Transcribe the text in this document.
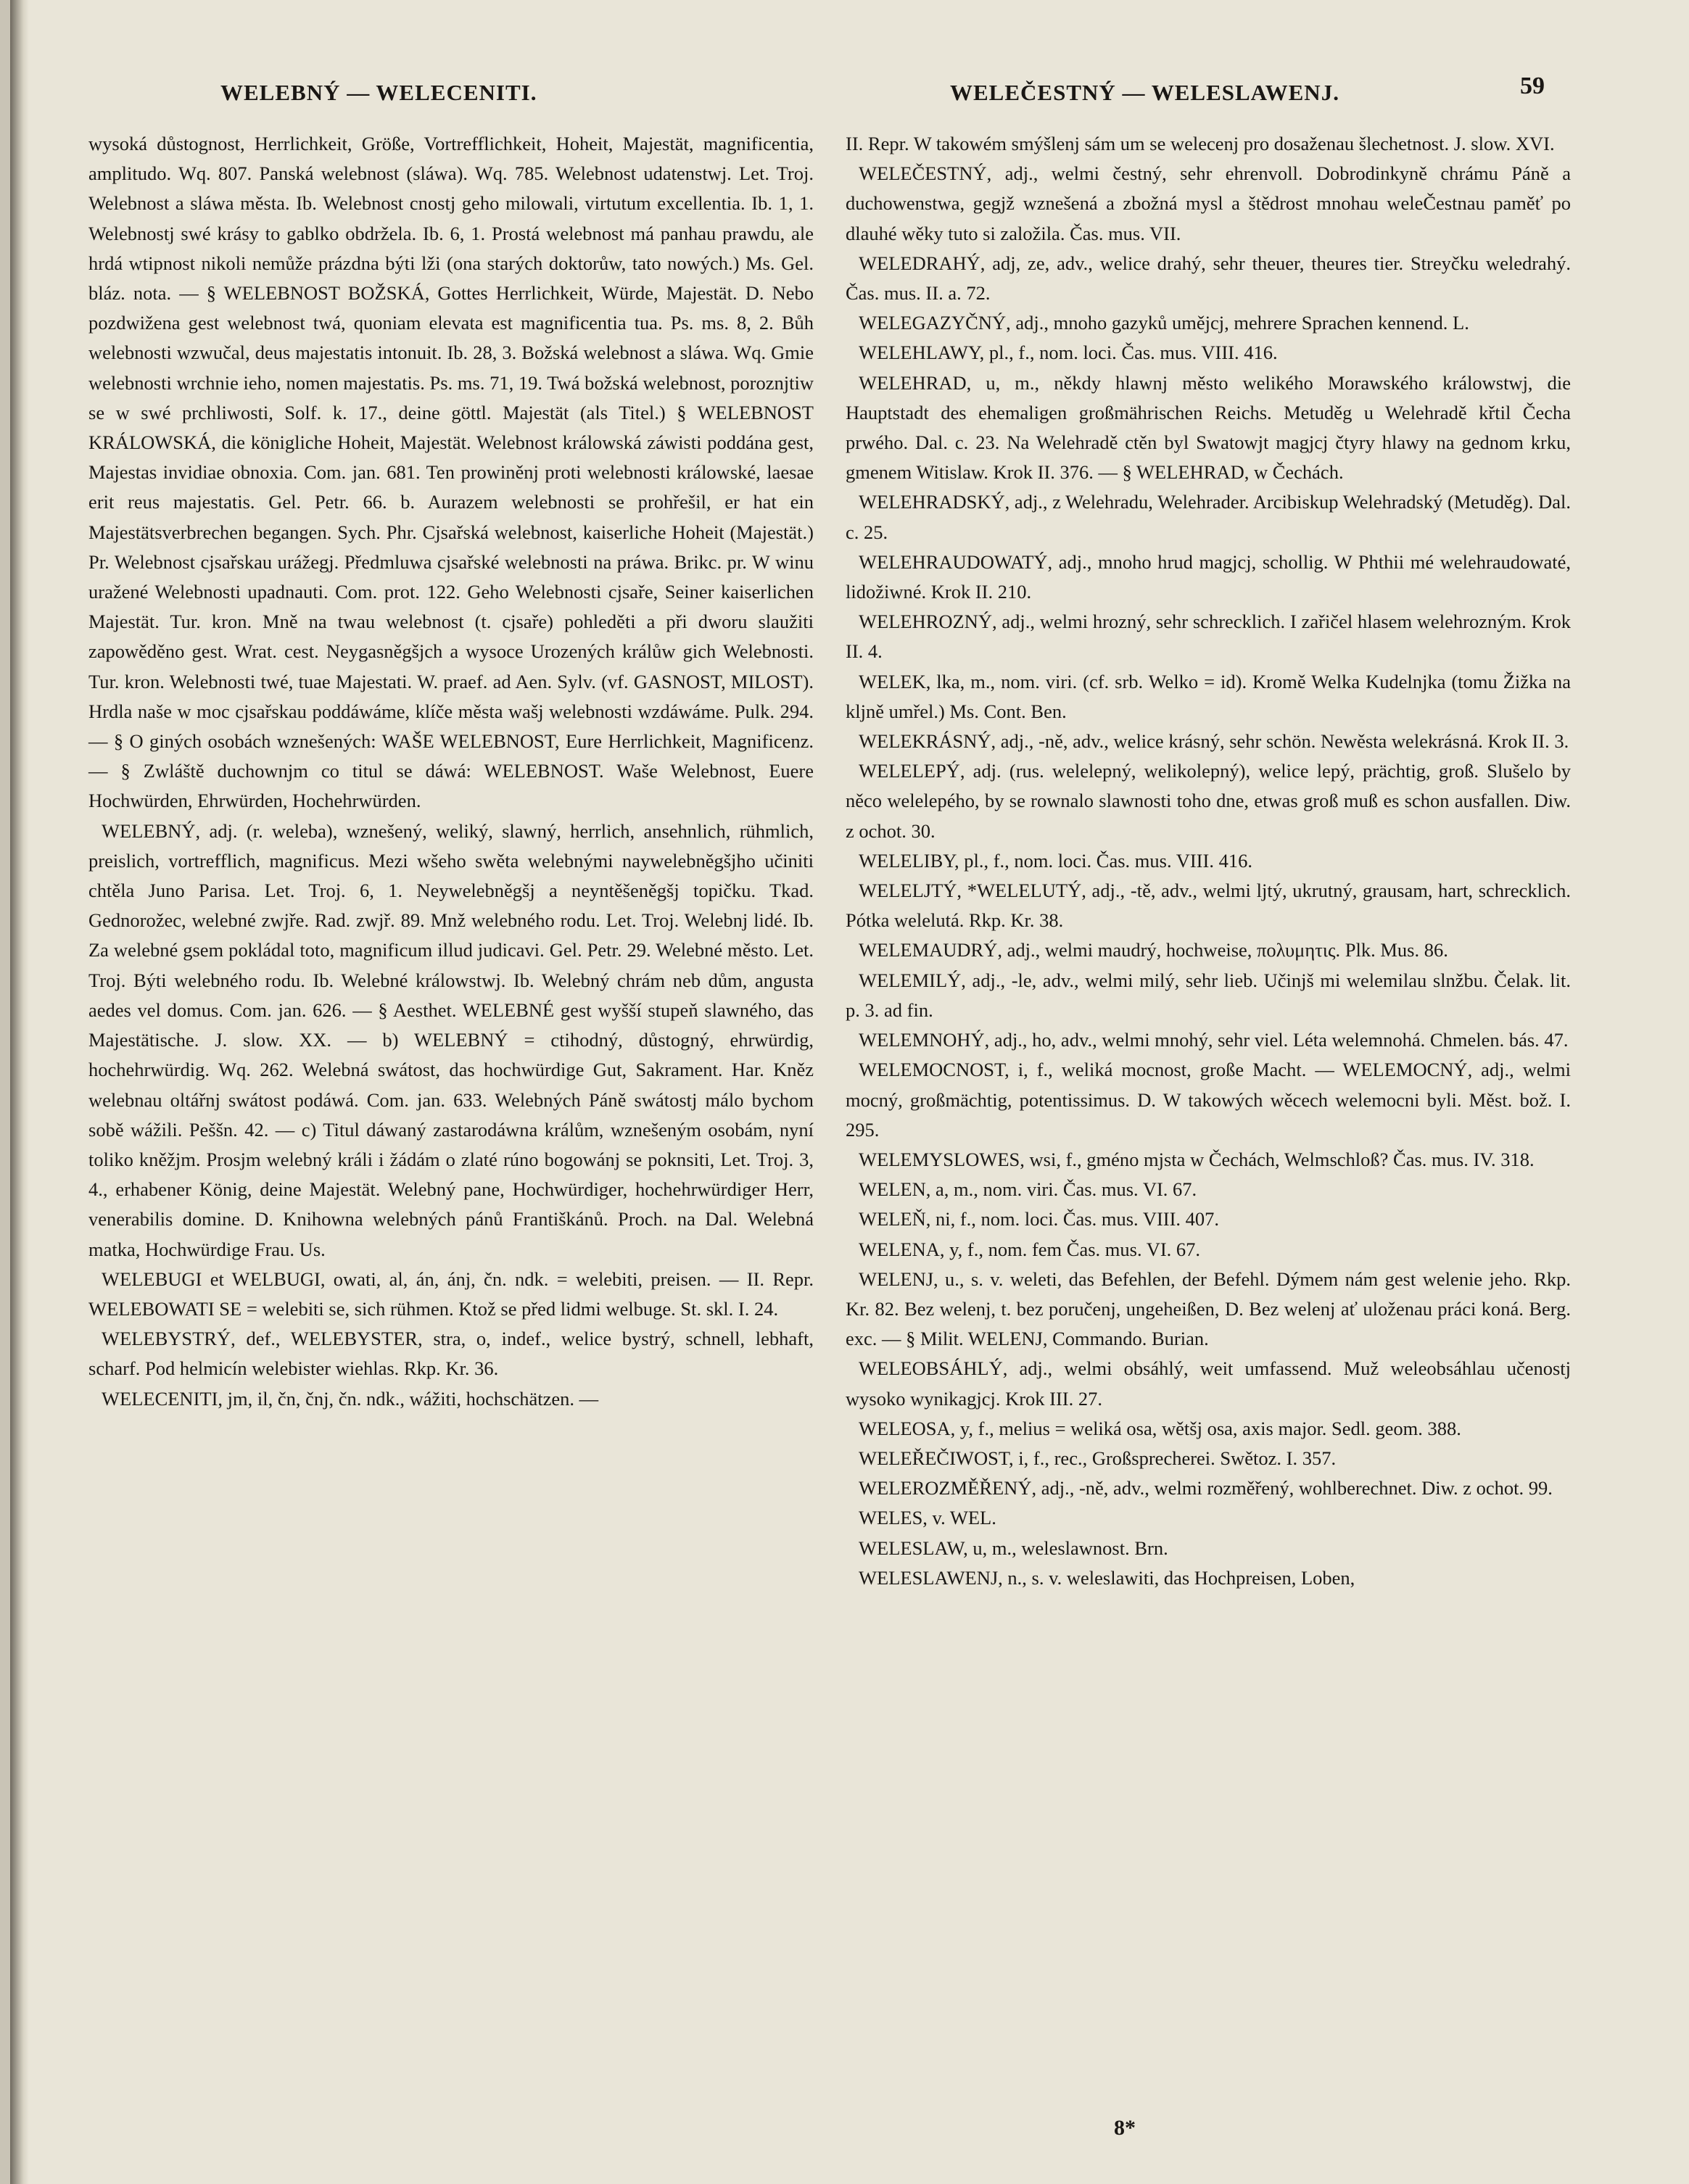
WELEBNÝ — WELECENITI.	WELEČESTNÝ — WELESLAWENJ.	59

wysoká důstognost, Herrlichkeit, Größe, Vortrefflichkeit, Hoheit, Majestät, magnificentia, amplitudo. Wq. 807. Panská welebnost (sláwa). Wq. 785. Welebnost udatenstwj. Let. Troj. Welebnost a sláwa města. Ib. Welebnost cnostj geho milowali, virtutum excellentia. Ib. 1, 1. Welebnostj swé krásy to gablko obdržela. Ib. 6, 1. Prostá welebnost má panhau prawdu, ale hrdá wtipnost nikoli nemůže prázdna býti lži (ona starých doktorůw, tato nowých.) Ms. Gel. bláz. nota. — § WELEBNOST BOŽSKÁ, Gottes Herrlichkeit, Würde, Majestät. D. Nebo pozdwižena gest welebnost twá, quoniam elevata est magnificentia tua. Ps. ms. 8, 2. Bůh welebnosti wzwučal, deus majestatis intonuit. Ib. 28, 3. Božská welebnost a sláwa. Wq. Gmie welebnosti wrchnie ieho, nomen majestatis. Ps. ms. 71, 19. Twá božská welebnost, poroznjtiw se w swé prchliwosti, Solf. k. 17., deine göttl. Majestät (als Titel.) § WELEBNOST KRÁLOWSKÁ, die königliche Hoheit, Majestät. Welebnost králowská záwisti poddána gest, Majestas invidiae obnoxia. Com. jan. 681. Ten prowiněnj proti welebnosti králowské, laesae erit reus majestatis. Gel. Petr. 66. b. Aurazem welebnosti se prohřešil, er hat ein Majestätsverbrechen begangen. Sych. Phr. Cjsařská welebnost, kaiserliche Hoheit (Majestät.) Pr. Welebnost cjsařskau urážegj. Předmluwa cjsařské welebnosti na práwa. Brikc. pr. W winu uražené Welebnosti upadnauti. Com. prot. 122. Geho Welebnosti cjsaře, Seiner kaiserlichen Majestät. Tur. kron. Mně na twau welebnost (t. cjsaře) pohleděti a při dworu slaužiti zapowěděno gest. Wrat. cest. Neygasněgšjch a wysoce Urozených králůw gich Welebnosti. Tur. kron. Welebnosti twé, tuae Majestati. W. praef. ad Aen. Sylv. (vf. GASNOST, MILOST). Hrdla naše w moc cjsařskau poddáwáme, klíče města wašj welebnosti wzdáwáme. Pulk. 294. — § O giných osobách wznešených: WAŠE WELEBNOST, Eure Herrlichkeit, Magnificenz. — § Zwláště duchownjm co titul se dáwá: WELEBNOST. Waše Welebnost, Euere Hochwürden, Ehrwürden, Hochehrwürden.

WELEBNÝ, adj. (r. weleba), wznešený, weliký, slawný, herrlich, ansehnlich, rühmlich, preislich, vortrefflich, magnificus. Mezi wšeho swěta welebnými naywelebněgšjho učiniti chtěla Juno Parisa. Let. Troj. 6, 1. Neywelebněgšj a neyntěšeněgšj topičku. Tkad. Gednorožec, welebné zwjře. Rad. zwjř. 89. Mnž welebného rodu. Let. Troj. Welebnj lidé. Ib. Za welebné gsem pokládal toto, magnificum illud judicavi. Gel. Petr. 29. Welebné město. Let. Troj. Býti welebného rodu. Ib. Welebné králowstwj. Ib. Welebný chrám neb dům, angusta aedes vel domus. Com. jan. 626. — § Aesthet. WELEBNÉ gest wyšší stupeň slawného, das Majestätische. J. slow. XX. — b) WELEBNÝ = ctihodný, důstogný, ehrwürdig, hochehrwürdig. Wq. 262. Welebná swátost, das hochwürdige Gut, Sakrament. Har. Kněz welebnau oltářnj swátost podáwá. Com. jan. 633. Welebných Páně swátostj málo bychom sobě wážili. Peššn. 42. — c) Titul dáwaný zastarodáwna králům, wznešeným osobám, nyní toliko kněžjm. Prosjm welebný králi i žádám o zlaté rúno bogowánj se poknsiti, Let. Troj. 3, 4., erhabener König, deine Majestät. Welebný pane, Hochwürdiger, hochehrwürdiger Herr, venerabilis domine. D. Knihowna welebných pánů Františkánů. Proch. na Dal. Welebná matka, Hochwürdige Frau. Us.

WELEBUGI et WELBUGI, owati, al, án, ánj, čn. ndk. = welebiti, preisen. — II. Repr. WELEBOWATI SE = welebiti se, sich rühmen. Ktož se před lidmi welbuge. St. skl. I. 24.

WELEBYSTRÝ, def., WELEBYSTER, stra, o, indef., welice bystrý, schnell, lebhaft, scharf. Pod helmicín welebister wiehlas. Rkp. Kr. 36.

WELECENITI, jm, il, čn, čnj, čn. ndk., wážiti, hochschätzen. —

II. Repr. W takowém smýšlenj sám um se welecenj pro dosaženau šlechetnost. J. slow. XVI.

WELEČESTNÝ, adj., welmi čestný, sehr ehrenvoll. Dobrodinkyně chrámu Páně a duchowenstwa, gegjž wznešená a zbožná mysl a štědrost mnohau weleČestnau paměť po dlauhé wěky tuto si založila. Čas. mus. VII.

WELEDRAHÝ, adj, ze, adv., welice drahý, sehr theuer, theures tier. Streyčku weledrahý. Čas. mus. II. a. 72.

WELEGAZYČNÝ, adj., mnoho gazyků umějcj, mehrere Sprachen kennend. L.

WELEHLAWY, pl., f., nom. loci. Čas. mus. VIII. 416.

WELEHRAD, u, m., někdy hlawnj město welikého Morawského králowstwj, die Hauptstadt des ehemaligen großmährischen Reichs. Metuděg u Welehradě křtil Čecha prwého. Dal. c. 23. Na Welehradě ctěn byl Swatowjt magjcj čtyry hlawy na gednom krku, gmenem Witislaw. Krok II. 376. — § WELEHRAD, w Čechách.

WELEHRADSKÝ, adj., z Welehradu, Welehrader. Arcibiskup Welehradský (Metuděg). Dal. c. 25.

WELEHRAUDOWATÝ, adj., mnoho hrud magjcj, schollig. W Phthii mé welehraudowaté, lidožiwné. Krok II. 210.

WELEHROZNÝ, adj., welmi hrozný, sehr schrecklich. I zařičel hlasem welehrozným. Krok II. 4.

WELEK, lka, m., nom. viri. (cf. srb. Welko = id). Kromě Welka Kudelnjka (tomu Žižka na kljně umřel.) Ms. Cont. Ben.

WELEKRÁSNÝ, adj., -ně, adv., welice krásný, sehr schön. Newěsta welekrásná. Krok II. 3.

WELELEPÝ, adj. (rus. welelepný, welikolepný), welice lepý, prächtig, groß. Slušelo by něco welelepého, by se rownalo slawnosti toho dne, etwas groß muß es schon ausfallen. Diw. z ochot. 30.

WELELIBY, pl., f., nom. loci. Čas. mus. VIII. 416.

WELELJTÝ, *WELELUTÝ, adj., -tě, adv., welmi ljtý, ukrutný, grausam, hart, schrecklich. Pótka welelutá. Rkp. Kr. 38.

WELEMAUDRÝ, adj., welmi maudrý, hochweise, πολυμητις. Plk. Mus. 86.

WELEMILÝ, adj., -le, adv., welmi milý, sehr lieb. Učinjš mi welemilau slnžbu. Čelak. lit. p. 3. ad fin.

WELEMNOHÝ, adj., ho, adv., welmi mnohý, sehr viel. Léta welemnohá. Chmelen. bás. 47.

WELEMOCNOST, i, f., weliká mocnost, große Macht. — WELEMOCNÝ, adj., welmi mocný, großmächtig, potentissimus. D. W takowých wěcech welemocni byli. Měst. bož. I. 295.

WELEMYSLOWES, wsi, f., gméno mjsta w Čechách, Welmschloß? Čas. mus. IV. 318.

WELEN, a, m., nom. viri. Čas. mus. VI. 67.

WELEŇ, ni, f., nom. loci. Čas. mus. VIII. 407.

WELENA, y, f., nom. fem Čas. mus. VI. 67.

WELENJ, u., s. v. weleti, das Befehlen, der Befehl. Dýmem nám gest welenie jeho. Rkp. Kr. 82. Bez welenj, t. bez poručenj, ungeheißen, D. Bez welenj ať uloženau práci koná. Berg. exc. — § Milit. WELENJ, Commando. Burian.

WELEOBSÁHLÝ, adj., welmi obsáhlý, weit umfassend. Muž weleobsáhlau učenostj wysoko wynikagjcj. Krok III. 27.

WELEOSA, y, f., melius = weliká osa, wětšj osa, axis major. Sedl. geom. 388.

WELEŘEČIWOST, i, f., rec., Großsprecherei. Swětoz. I. 357.

WELEROZMĚŘENÝ, adj., -ně, adv., welmi rozměřený, wohlberechnet. Diw. z ochot. 99.

WELES, v. WEL.

WELESLAW, u, m., weleslawnost. Brn.

WELESLAWENJ, n., s. v. weleslawiti, das Hochpreisen, Loben,

8*
